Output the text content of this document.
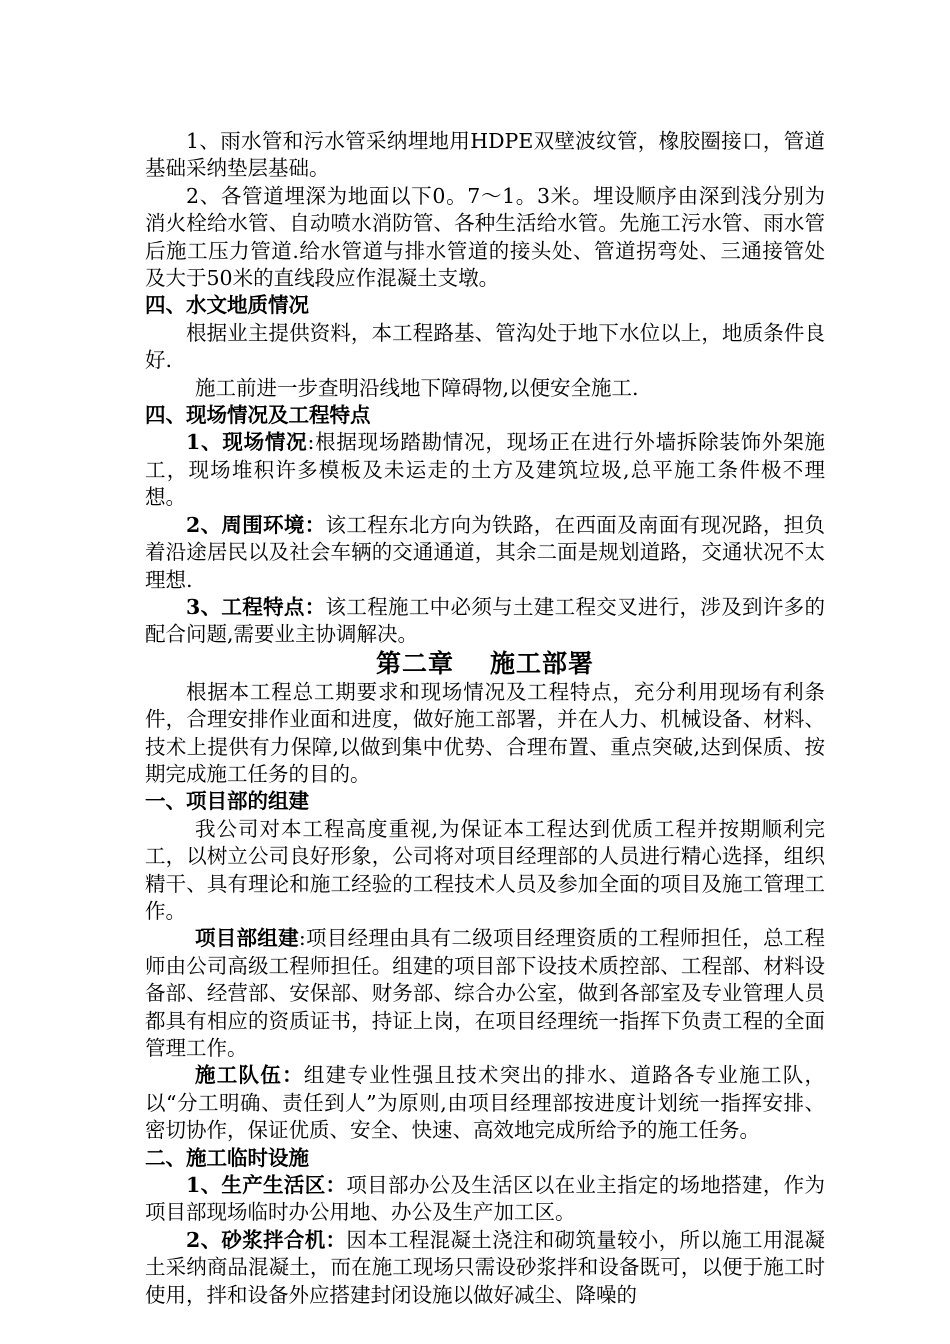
1、雨水管和污水管采纳埋地用HDPE双壁波纹管，橡胶圈接口，管道基础采纳垫层基础。

2、各管道埋深为地面以下0。7～1。3米。埋设顺序由深到浅分别为消火栓给水管、自动喷水消防管、各种生活给水管。先施工污水管、雨水管后施工压力管道.给水管道与排水管道的接头处、管道拐弯处、三通接管处及大于50米的直线段应作混凝土支墩。

四、水文地质情况

根据业主提供资料，本工程路基、管沟处于地下水位以上，地质条件良好.

施工前进一步查明沿线地下障碍物,以便安全施工.

四、现场情况及工程特点

1、现场情况:根据现场踏勘情况，现场正在进行外墙拆除装饰外架施工，现场堆积许多模板及未运走的土方及建筑垃圾,总平施工条件极不理想。

2、周围环境：该工程东北方向为铁路，在西面及南面有现况路，担负着沿途居民以及社会车辆的交通通道，其余二面是规划道路，交通状况不太理想.

3、工程特点：该工程施工中必须与土建工程交叉进行，涉及到许多的配合问题,需要业主协调解决。

第二章 施工部署

根据本工程总工期要求和现场情况及工程特点，充分利用现场有利条件，合理安排作业面和进度，做好施工部署，并在人力、机械设备、材料、技术上提供有力保障,以做到集中优势、合理布置、重点突破,达到保质、按期完成施工任务的目的。

一、项目部的组建

我公司对本工程高度重视,为保证本工程达到优质工程并按期顺利完工，以树立公司良好形象，公司将对项目经理部的人员进行精心选择，组织精干、具有理论和施工经验的工程技术人员及参加全面的项目及施工管理工作。

项目部组建:项目经理由具有二级项目经理资质的工程师担任，总工程师由公司高级工程师担任。组建的项目部下设技术质控部、工程部、材料设备部、经营部、安保部、财务部、综合办公室，做到各部室及专业管理人员都具有相应的资质证书，持证上岗，在项目经理统一指挥下负责工程的全面管理工作。

施工队伍：组建专业性强且技术突出的排水、道路各专业施工队，以“分工明确、责任到人”为原则,由项目经理部按进度计划统一指挥安排、密切协作，保证优质、安全、快速、高效地完成所给予的施工任务。

二、施工临时设施

1、生产生活区：项目部办公及生活区以在业主指定的场地搭建，作为项目部现场临时办公用地、办公及生产加工区。

2、砂浆拌合机：因本工程混凝土浇注和砌筑量较小，所以施工用混凝土采纳商品混凝土，而在施工现场只需设砂浆拌和设备既可，以便于施工时使用，拌和设备外应搭建封闭设施以做好减尘、降噪的
